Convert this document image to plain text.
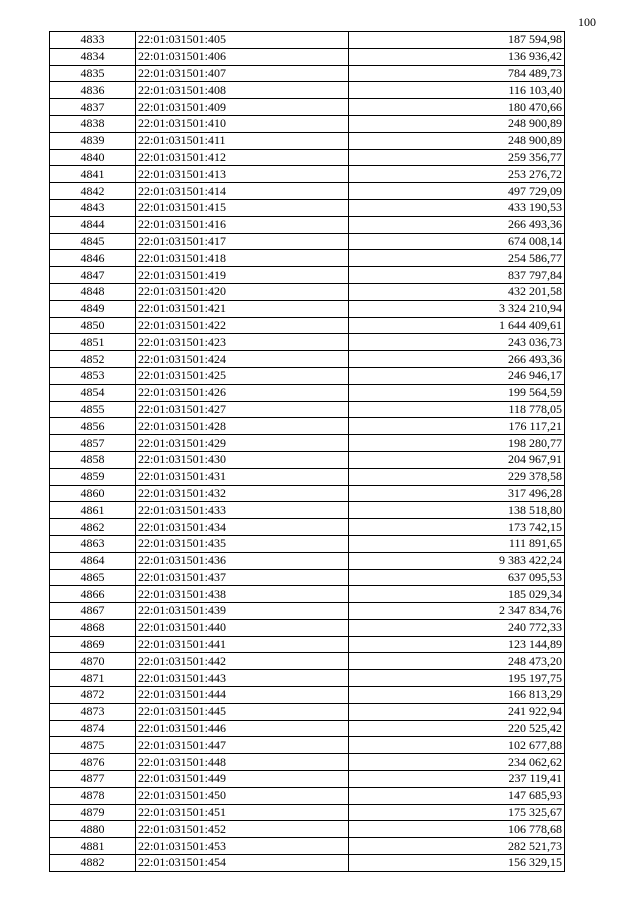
100
4833	22:01:031501:405	187 594,98
4834	22:01:031501:406	136 936,42
4835	22:01:031501:407	784 489,73
4836	22:01:031501:408	116 103,40
4837	22:01:031501:409	180 470,66
4838	22:01:031501:410	248 900,89
4839	22:01:031501:411	248 900,89
4840	22:01:031501:412	259 356,77
4841	22:01:031501:413	253 276,72
4842	22:01:031501:414	497 729,09
4843	22:01:031501:415	433 190,53
4844	22:01:031501:416	266 493,36
4845	22:01:031501:417	674 008,14
4846	22:01:031501:418	254 586,77
4847	22:01:031501:419	837 797,84
4848	22:01:031501:420	432 201,58
4849	22:01:031501:421	3 324 210,94
4850	22:01:031501:422	1 644 409,61
4851	22:01:031501:423	243 036,73
4852	22:01:031501:424	266 493,36
4853	22:01:031501:425	246 946,17
4854	22:01:031501:426	199 564,59
4855	22:01:031501:427	118 778,05
4856	22:01:031501:428	176 117,21
4857	22:01:031501:429	198 280,77
4858	22:01:031501:430	204 967,91
4859	22:01:031501:431	229 378,58
4860	22:01:031501:432	317 496,28
4861	22:01:031501:433	138 518,80
4862	22:01:031501:434	173 742,15
4863	22:01:031501:435	111 891,65
4864	22:01:031501:436	9 383 422,24
4865	22:01:031501:437	637 095,53
4866	22:01:031501:438	185 029,34
4867	22:01:031501:439	2 347 834,76
4868	22:01:031501:440	240 772,33
4869	22:01:031501:441	123 144,89
4870	22:01:031501:442	248 473,20
4871	22:01:031501:443	195 197,75
4872	22:01:031501:444	166 813,29
4873	22:01:031501:445	241 922,94
4874	22:01:031501:446	220 525,42
4875	22:01:031501:447	102 677,88
4876	22:01:031501:448	234 062,62
4877	22:01:031501:449	237 119,41
4878	22:01:031501:450	147 685,93
4879	22:01:031501:451	175 325,67
4880	22:01:031501:452	106 778,68
4881	22:01:031501:453	282 521,73
4882	22:01:031501:454	156 329,15
